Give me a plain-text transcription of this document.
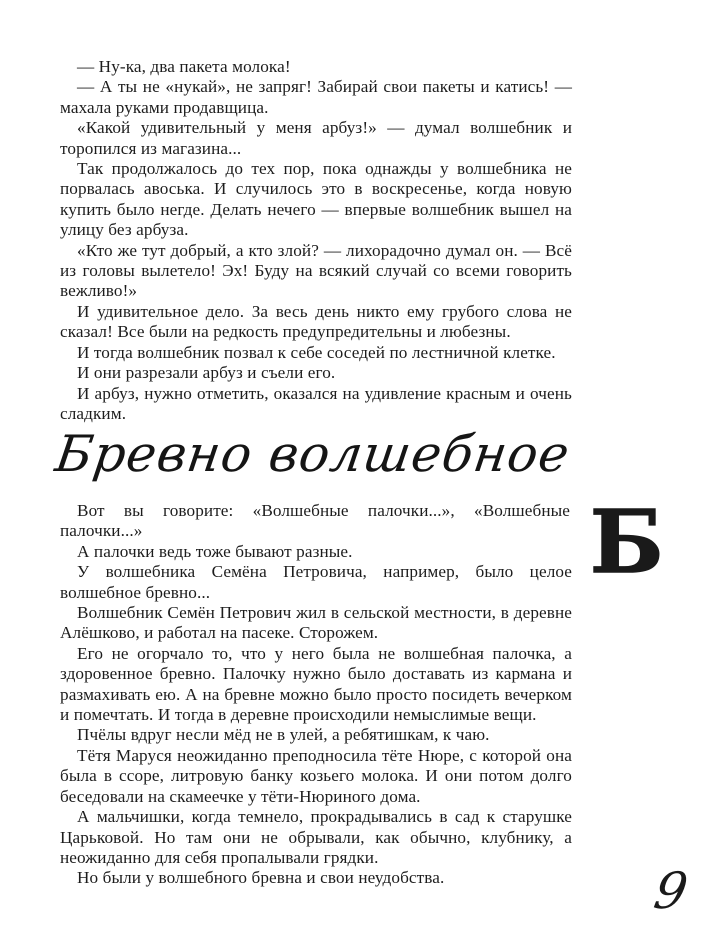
— Ну-ка, два пакета молока!

— А ты не «нукай», не запряг! Забирай свои пакеты и катись! — махала руками продавщица.

«Какой удивительный у меня арбуз!» — думал волшебник и торопился из магазина...

Так продолжалось до тех пор, пока однажды у волшебника не порвалась авоська. И случилось это в воскресенье, когда новую купить было негде. Делать нечего — впервые волшебник вышел на улицу без арбуза.

«Кто же тут добрый, а кто злой? — лихорадочно думал он. — Всё из головы вылетело! Эх! Буду на всякий случай со всеми говорить вежливо!»

И удивительное дело. За весь день никто ему грубого слова не сказал! Все были на редкость предупредительны и любезны.

И тогда волшебник позвал к себе соседей по лестничной клетке.

И они разрезали арбуз и съели его.

И арбуз, нужно отметить, оказался на удивление красным и очень сладким.

Бревно волшебное
Б

Вот вы говорите: «Волшебные палочки...», «Волшебные палочки...»

А палочки ведь тоже бывают разные.

У волшебника Семёна Петровича, например, было целое волшебное бревно...

Волшебник Семён Петрович жил в сельской местности, в деревне Алёшково, и работал на пасеке. Сторожем.

Его не огорчало то, что у него была не волшебная палочка, а здоровенное бревно. Палочку нужно было доставать из кармана и размахивать ею. А на бревне можно было просто посидеть вечерком и помечтать. И тогда в деревне происходили немыслимые вещи.

Пчёлы вдруг несли мёд не в улей, а ребятишкам, к чаю.

Тётя Маруся неожиданно преподносила тёте Нюре, с которой она была в ссоре, литровую банку козьего молока. И они потом долго беседовали на скамеечке у тёти-Нюриного дома.

А мальчишки, когда темнело, прокрадывались в сад к старушке Царьковой. Но там они не обрывали, как обычно, клубнику, а неожиданно для себя пропалывали грядки.

Но были у волшебного бревна и свои неудобства.	9
